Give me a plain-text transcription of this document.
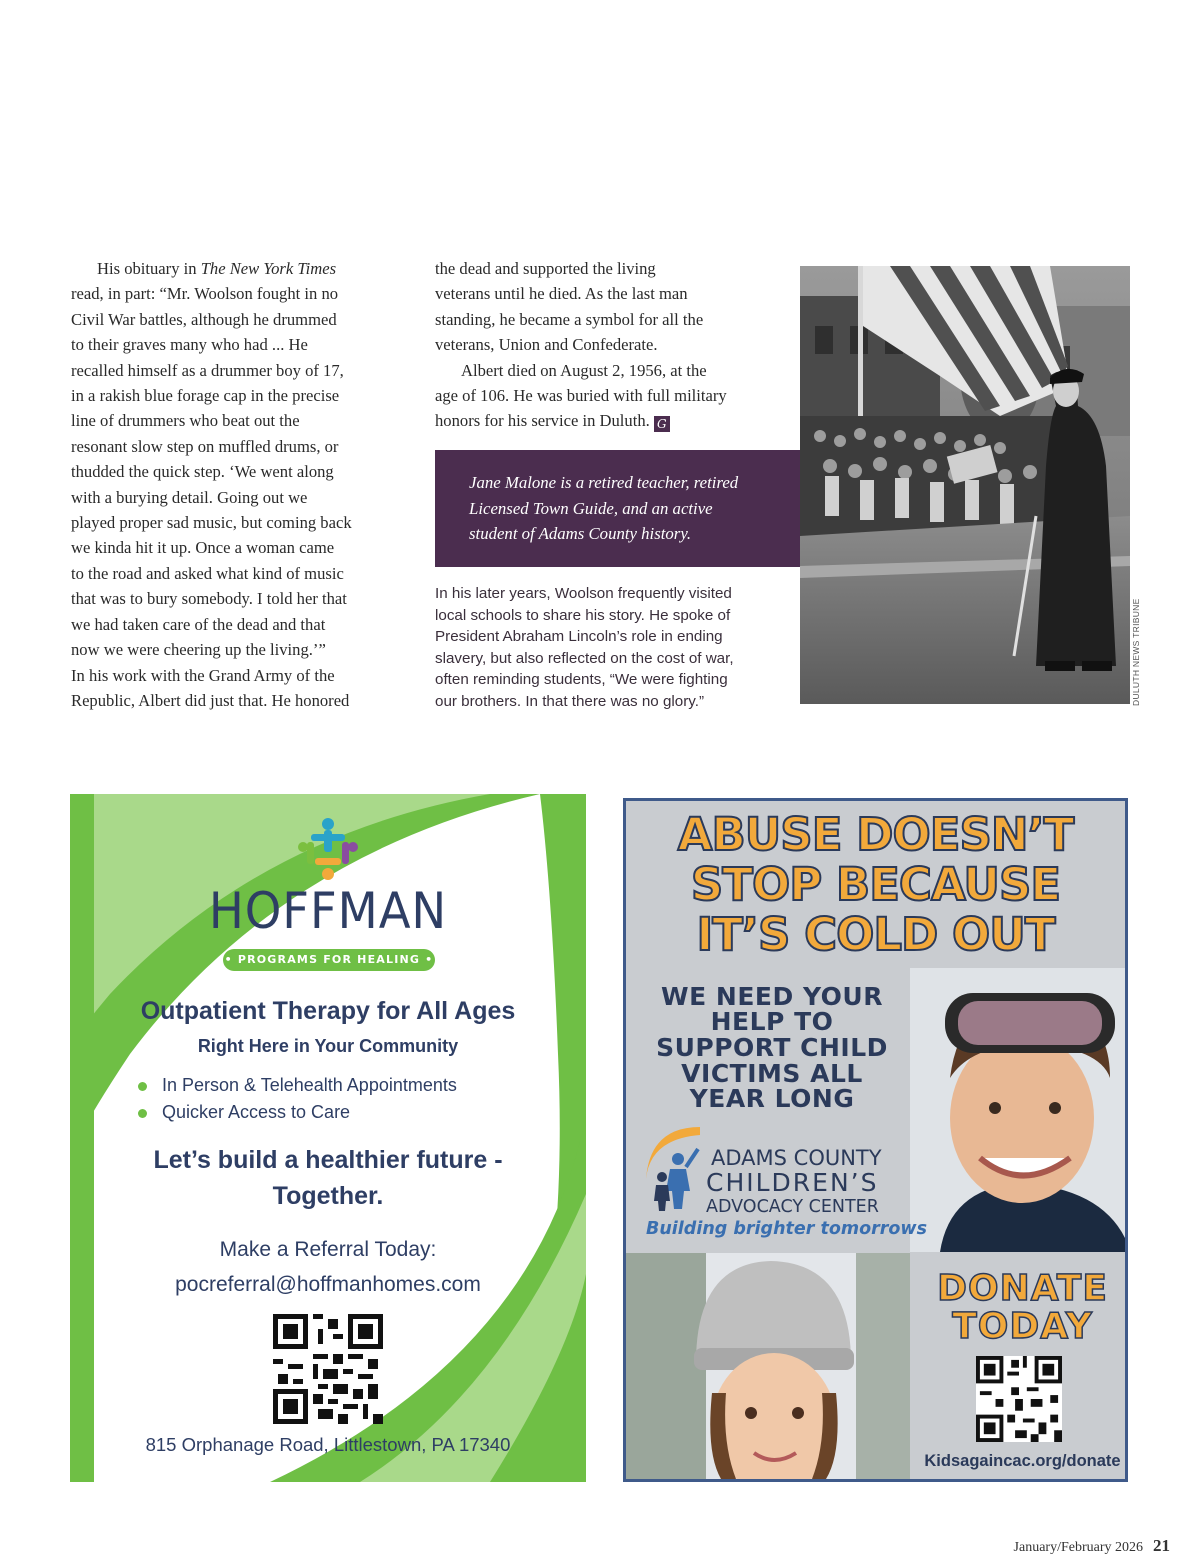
His obituary in The New York Times
read, in part: “Mr. Woolson fought in no
Civil War battles, although he drummed
to their graves many who had ... He
recalled himself as a drummer boy of 17,
in a rakish blue forage cap in the precise
line of drummers who beat out the
resonant slow step on muffled drums, or
thudded the quick step. ‘We went along
with a burying detail. Going out we
played proper sad music, but coming back
we kinda hit it up. Once a woman came
to the road and asked what kind of music
that was to bury somebody. I told her that
we had taken care of the dead and that
now we were cheering up the living.’”
In his work with the Grand Army of the
Republic, Albert did just that. He honored
the dead and supported the living
veterans until he died. As the last man
standing, he became a symbol for all the
veterans, Union and Confederate.
Albert died on August 2, 1956, at the
age of 106. He was buried with full military
honors for his service in Duluth. G
Jane Malone is a retired teacher, retired
Licensed Town Guide, and an active
student of Adams County history.
In his later years, Woolson frequently visited
local schools to share his story. He spoke of
President Abraham Lincoln’s role in ending
slavery, but also reflected on the cost of war,
often reminding students, “We were fighting
our brothers. In that there was no glory.”	DULUTH NEWS TRIBUNE
HOFFMAN
• PROGRAMS FOR HEALING •
Outpatient Therapy for All Ages
Right Here in Your Community
In Person & Telehealth Appointments
Quicker Access to Care
Let’s build a healthier future -
Together.
Make a Referral Today:
pocreferral@hoffmanhomes.com
815 Orphanage Road, Littlestown, PA 17340
ABUSE DOESN’T
STOP BECAUSE
IT’S COLD OUT
WE NEED YOUR
HELP TO
SUPPORT CHILD
VICTIMS ALL
YEAR LONG
ADAMS COUNTY
CHILDREN’S
ADVOCACY CENTER
Building brighter tomorrows
DONATE
TODAY
Kidsagaincac.org/donate
January/February 2026 21
